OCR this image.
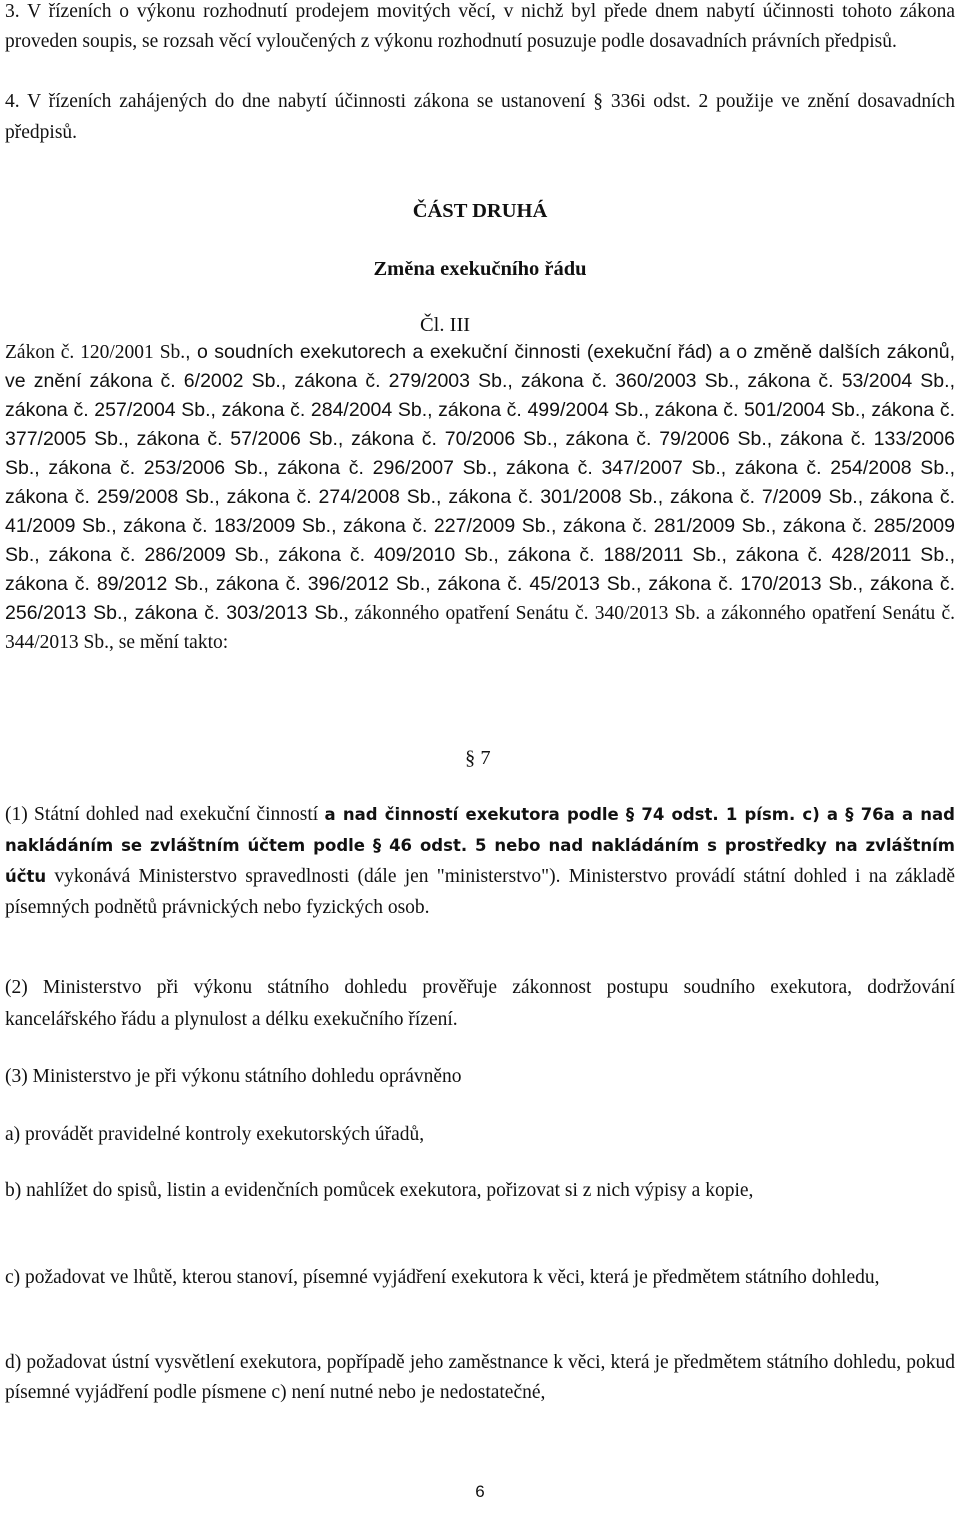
3. V řízeních o výkonu rozhodnutí prodejem movitých věcí, v nichž byl přede dnem nabytí účinnosti tohoto zákona proveden soupis, se rozsah věcí vyloučených z výkonu rozhodnutí posuzuje podle dosavadních právních předpisů.

4. V řízeních zahájených do dne nabytí účinnosti zákona se ustanovení § 336i odst. 2 použije ve znění dosavadních předpisů.

ČÁST DRUHÁ
Změna exekučního řádu
Čl. III

Zákon č. 120/2001 Sb., o soudních exekutorech a exekuční činnosti (exekuční řád) a o změně dalších zákonů, ve znění zákona č. 6/2002 Sb., zákona č. 279/2003 Sb., zákona č. 360/2003 Sb., zákona č. 53/2004 Sb., zákona č. 257/2004 Sb., zákona č. 284/2004 Sb., zákona č. 499/2004 Sb., zákona č. 501/2004 Sb., zákona č. 377/2005 Sb., zákona č. 57/2006 Sb., zákona č. 70/2006 Sb., zákona č. 79/2006 Sb., zákona č. 133/2006 Sb., zákona č. 253/2006 Sb., zákona č. 296/2007 Sb., zákona č. 347/2007 Sb., zákona č. 254/2008 Sb., zákona č. 259/2008 Sb., zákona č. 274/2008 Sb., zákona č. 301/2008 Sb., zákona č. 7/2009 Sb., zákona č. 41/2009 Sb., zákona č. 183/2009 Sb., zákona č. 227/2009 Sb., zákona č. 281/2009 Sb., zákona č. 285/2009 Sb., zákona č. 286/2009 Sb., zákona č. 409/2010 Sb., zákona č. 188/2011 Sb., zákona č. 428/2011 Sb., zákona č. 89/2012 Sb., zákona č. 396/2012 Sb., zákona č. 45/2013 Sb., zákona č. 170/2013 Sb., zákona č. 256/2013 Sb., zákona č. 303/2013 Sb., zákonného opatření Senátu č. 340/2013 Sb. a zákonného opatření Senátu č. 344/2013 Sb., se mění takto:

§ 7

(1) Státní dohled nad exekuční činností a nad činností exekutora podle § 74 odst. 1 písm. c) a § 76a a nad nakládáním se zvláštním účtem podle § 46 odst. 5 nebo nad nakládáním s prostředky na zvláštním účtu vykonává Ministerstvo spravedlnosti (dále jen "ministerstvo"). Ministerstvo provádí státní dohled i na základě písemných podnětů právnických nebo fyzických osob.

(2) Ministerstvo při výkonu státního dohledu prověřuje zákonnost postupu soudního exekutora, dodržování kancelářského řádu a plynulost a délku exekučního řízení.

(3) Ministerstvo je při výkonu státního dohledu oprávněno

a) provádět pravidelné kontroly exekutorských úřadů,

b) nahlížet do spisů, listin a evidenčních pomůcek exekutora, pořizovat si z nich výpisy a kopie,

c) požadovat ve lhůtě, kterou stanoví, písemné vyjádření exekutora k věci, která je předmětem státního dohledu,

d) požadovat ústní vysvětlení exekutora, popřípadě jeho zaměstnance k věci, která je předmětem státního dohledu, pokud písemné vyjádření podle písmene c) není nutné nebo je nedostatečné,

6
